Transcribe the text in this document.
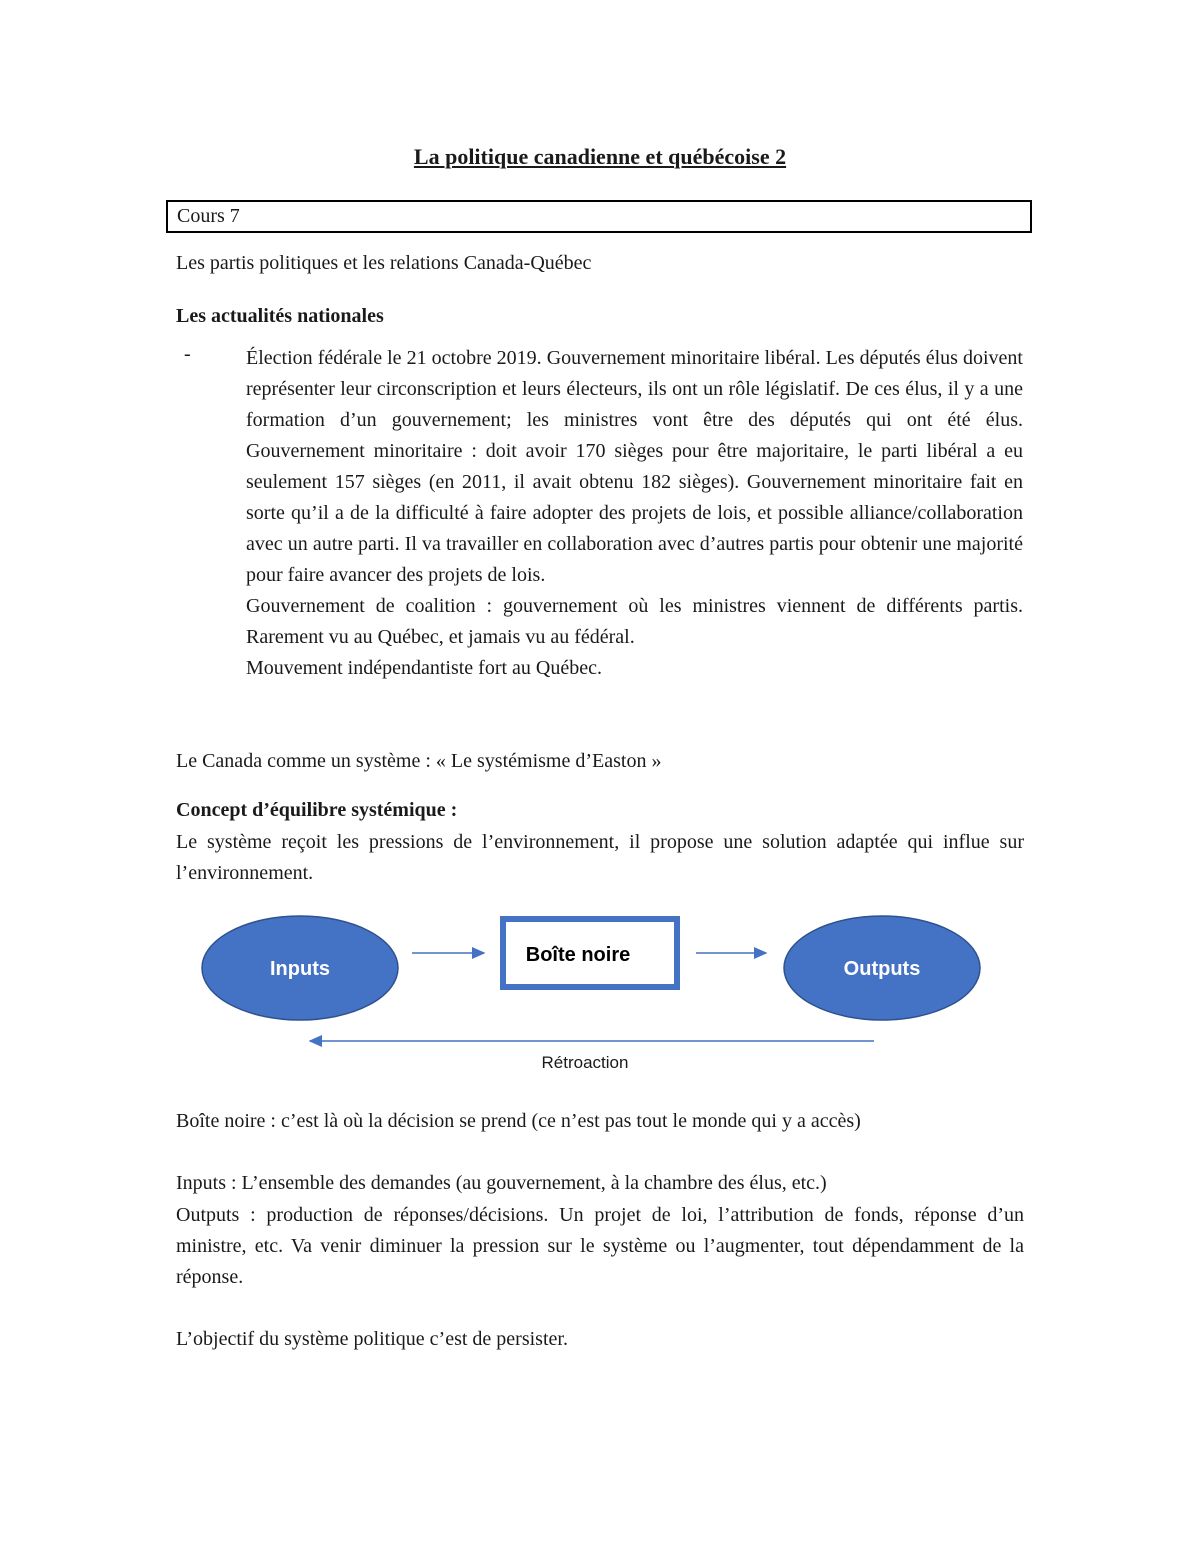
La politique canadienne et québécoise 2
Cours 7
Les partis politiques et les relations Canada-Québec
Les actualités nationales
-	Élection fédérale le 21 octobre 2019. Gouvernement minoritaire libéral. Les députés élus doivent représenter leur circonscription et leurs électeurs, ils ont un rôle législatif. De ces élus, il y a une formation d’un gouvernement; les ministres vont être des députés qui ont été élus. Gouvernement minoritaire : doit avoir 170 sièges pour être majoritaire, le parti libéral a eu seulement 157 sièges (en 2011, il avait obtenu 182 sièges). Gouvernement minoritaire fait en sorte qu’il a de la difficulté à faire adopter des projets de lois, et possible alliance/collaboration avec un autre parti. Il va travailler en collaboration avec d’autres partis pour obtenir une majorité pour faire avancer des projets de lois.

Gouvernement de coalition : gouvernement où les ministres viennent de différents partis. Rarement vu au Québec, et jamais vu au fédéral.

Mouvement indépendantiste fort au Québec.

Le Canada comme un système : « Le systémisme d’Easton »
Concept d’équilibre systémique :

Le système reçoit les pressions de l’environnement, il propose une solution adaptée qui influe sur l’environnement.

Inputs
Boîte noire
Outputs
Rétroaction
Boîte noire : c’est là où la décision se prend (ce n’est pas tout le monde qui y a accès)
Inputs : L’ensemble des demandes (au gouvernement, à la chambre des élus, etc.)

Outputs : production de réponses/décisions. Un projet de loi, l’attribution de fonds, réponse d’un ministre, etc. Va venir diminuer la pression sur le système ou l’augmenter, tout dépendamment de la réponse.

L’objectif du système politique c’est de persister.
